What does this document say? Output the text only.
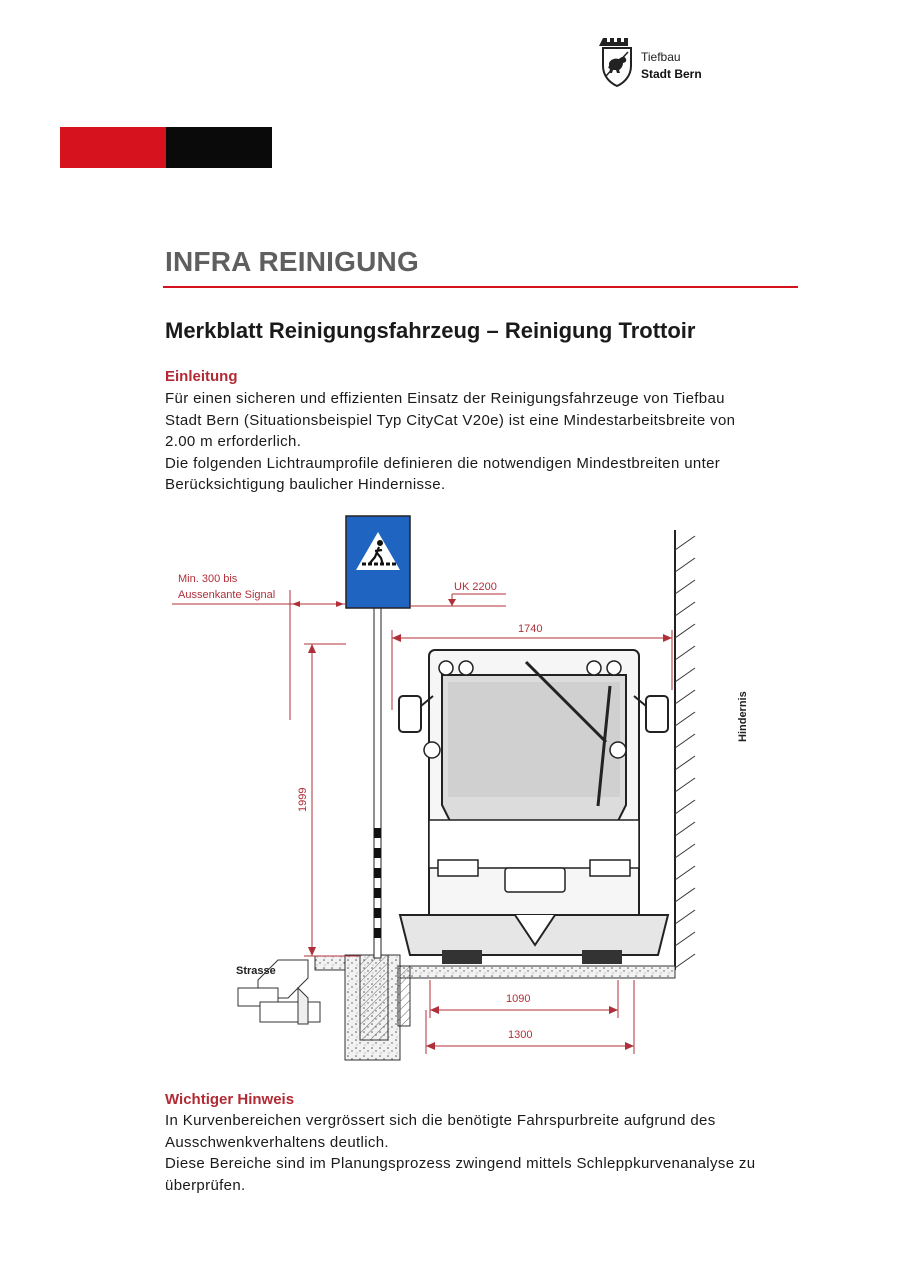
Tiefbau
Stadt Bern
INFRA REINIGUNG
Merkblatt Reinigungsfahrzeug – Reinigung Trottoir
Einleitung
Für einen sicheren und effizienten Einsatz der Reinigungsfahrzeuge von Tiefbau
Stadt Bern (Situationsbeispiel Typ CityCat V20e) ist eine Mindestarbeitsbreite von
2.00 m erforderlich.
Die folgenden Lichtraumprofile definieren die notwendigen Mindestbreiten unter
Berücksichtigung baulicher Hindernisse.
Hindernis
Strasse
Min. 300 bis
Aussenkante Signal
UK 2200
1740
1999
1090
1300
Wichtiger Hinweis
In Kurvenbereichen vergrössert sich die benötigte Fahrspurbreite aufgrund des
Ausschwenkverhaltens deutlich.
Diese Bereiche sind im Planungsprozess zwingend mittels Schleppkurvenanalyse zu
überprüfen.
